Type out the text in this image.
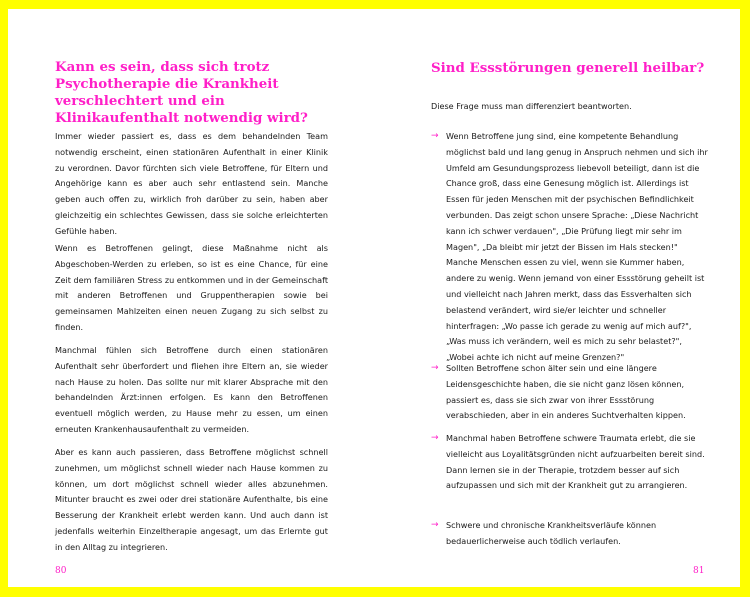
Kann es sein, dass sich trotz Psychotherapie die Krankheit verschlechtert und ein Klinikaufenthalt notwendig wird?

Immer wieder passiert es, dass es dem behandelnden Team notwendig erscheint, einen stationären Aufenthalt in einer Klinik zu verordnen. Davor fürchten sich viele Betroffene, für Eltern und Angehörige kann es aber auch sehr entlastend sein. Manche geben auch offen zu, wirklich froh darüber zu sein, haben aber gleichzeitig ein schlechtes Gewissen, dass sie solche erleichterten Gefühle haben.

Wenn es Betroffenen gelingt, diese Maßnahme nicht als Abgeschoben-Werden zu erleben, so ist es eine Chance, für eine Zeit dem familiären Stress zu entkommen und in der Gemeinschaft mit anderen Betroffenen und Gruppentherapien sowie bei gemeinsamen Mahlzeiten einen neuen Zugang zu sich selbst zu finden.

Manchmal fühlen sich Betroffene durch einen stationären Aufenthalt sehr überfordert und fliehen ihre Eltern an, sie wieder nach Hause zu holen. Das sollte nur mit klarer Absprache mit den behandelnden Ärzt:innen erfolgen. Es kann den Betroffenen eventuell möglich werden, zu Hause mehr zu essen, um einen erneuten Krankenhausaufenthalt zu vermeiden.

Aber es kann auch passieren, dass Betroffene möglichst schnell zunehmen, um möglichst schnell wieder nach Hause kommen zu können, um dort möglichst schnell wieder alles abzunehmen. Mitunter braucht es zwei oder drei stationäre Aufenthalte, bis eine Besserung der Krankheit erlebt werden kann. Und auch dann ist jedenfalls weiterhin Einzeltherapie angesagt, um das Erlernte gut in den Alltag zu integrieren.

80
Sind Essstörungen generell heilbar?

Diese Frage muss man differenziert beantworten.

→ Wenn Betroffene jung sind, eine kompetente Behandlung möglichst bald und lang genug in Anspruch nehmen und sich ihr Umfeld am Gesundungsprozess liebevoll beteiligt, dann ist die Chance groß, dass eine Genesung möglich ist. Allerdings ist Essen für jeden Menschen mit der psychischen Befindlichkeit verbunden. Das zeigt schon unsere Sprache: „Diese Nachricht kann ich schwer verdauen", „Die Prüfung liegt mir sehr im Magen", „Da bleibt mir jetzt der Bissen im Hals stecken!" Manche Menschen essen zu viel, wenn sie Kummer haben, andere zu wenig. Wenn jemand von einer Essstörung geheilt ist und vielleicht nach Jahren merkt, dass das Essverhalten sich belastend verändert, wird sie/er leichter und schneller hinterfragen: „Wo passe ich gerade zu wenig auf mich auf?", „Was muss ich verändern, weil es mich zu sehr belastet?", „Wobei achte ich nicht auf meine Grenzen?"

→ Sollten Betroffene schon älter sein und eine längere Leidensgeschichte haben, die sie nicht ganz lösen können, passiert es, dass sie sich zwar von ihrer Essstörung verabschieden, aber in ein anderes Suchtverhalten kippen.

→ Manchmal haben Betroffene schwere Traumata erlebt, die sie vielleicht aus Loyalitätsgründen nicht aufzuarbeiten bereit sind. Dann lernen sie in der Therapie, trotzdem besser auf sich aufzupassen und sich mit der Krankheit gut zu arrangieren.

→ Schwere und chronische Krankheitsverläufe können bedauerlicherweise auch tödlich verlaufen.

81
